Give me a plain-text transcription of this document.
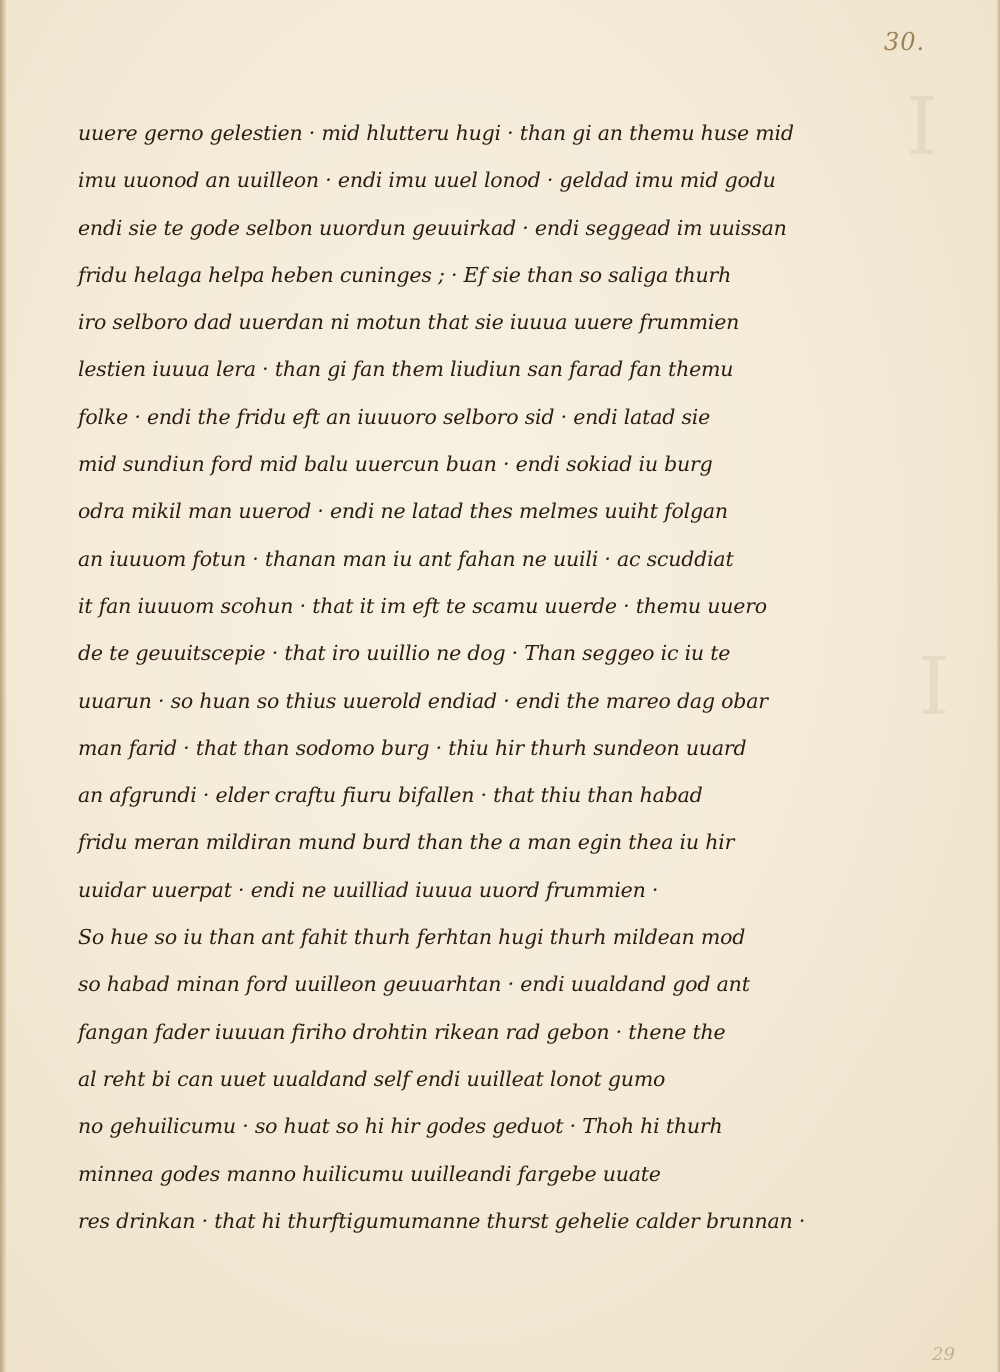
I
I
30.
29
uuere gerno gelestien · mid hlutteru hugi · than gi an themu huse mid
imu uuonod an uuilleon · endi imu uuel lonod · geldad imu mid godu
endi sie te gode selbon uuordun geuuirkad · endi seggead im uuissan
fridu helaga helpa heben cuninges ; · Ef sie than so saliga thurh
iro selboro dad uuerdan ni motun that sie iuuua uuere frummien
lestien iuuua lera · than gi fan them liudiun san farad fan themu
folke · endi the fridu eft an iuuuoro selboro sid · endi latad sie
mid sundiun ford mid balu uuercun buan · endi sokiad iu burg
odra mikil man uuerod · endi ne latad thes melmes uuiht folgan
an iuuuom fotun · thanan man iu ant fahan ne uuili · ac scuddiat
it fan iuuuom scohun · that it im eft te scamu uuerde · themu uuero
de te geuuitscepie · that iro uuillio ne dog · Than seggeo ic iu te
uuarun · so huan so thius uuerold endiad · endi the mareo dag obar
man farid · that than sodomo burg · thiu hir thurh sundeon uuard
an afgrundi · elder craftu fiuru bifallen · that thiu than habad
fridu meran mildiran mund burd than the a man egin thea iu hir
uuidar uuerpat · endi ne uuilliad iuuua uuord frummien ·
So hue so iu than ant fahit thurh ferhtan hugi thurh mildean mod
so habad minan ford uuilleon geuuarhtan · endi uualdand god ant
fangan fader iuuuan firiho drohtin rikean rad gebon · thene the
al reht bi can uuet uualdand self endi uuilleat lonot gumo
no gehuilicumu · so huat so hi hir godes geduot · Thoh hi thurh
minnea godes manno huilicumu uuilleandi fargebe uuate
res drinkan · that hi thurftigumumanne thurst gehelie calder brunnan ·
